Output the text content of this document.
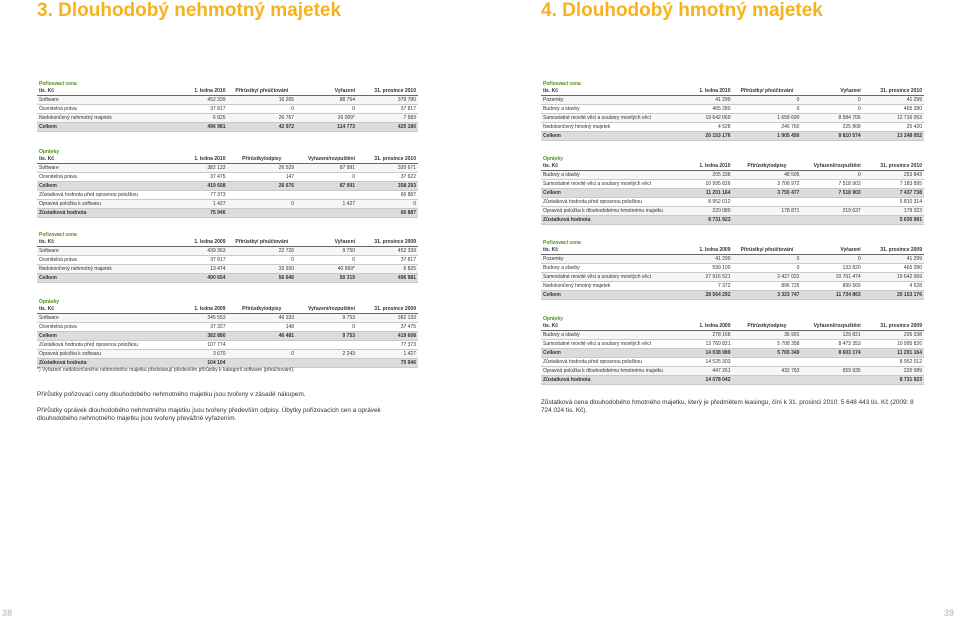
3. Dlouhodobý nehmotný majetek	4. Dlouhodobý hmotný majetek
Pořizovací cena				
tis. Kč	1. ledna 2010	Přírůstky/ přeúčtování	Vyřazení	31. prosince 2010
Software	452 339	16 205	88 764	379 780
Ocenitelná práva	37 817	0	0	37 817
Nedokončený nehmotný majetek	6 825	26 767	26 009*	7 583
Celkem	496 981	42 972	114 773	425 180
Oprávky				
tis. Kč	1. ledna 2010	Přírůstky/odpisy	Vyřazení/rozpuštění	31. prosince 2010
Software	382 133	26 529	87 991	320 671
Ocenitelná práva	37 475	147	0	37 622
Celkem	419 608	26 676	87 991	358 293
Zůstatková hodnota před opravnou položkou	77 373			66 887
Opravná položka k softwaru	1 427	0	1 427	0
Zůstatková hodnota	75 946			66 887
Pořizovací cena				
tis. Kč	1. ledna 2009	Přírůstky/ přeúčtování	Vyřazení	31. prosince 2009
Software	439 363	22 726	9 750	452 339
Ocenitelná práva	37 817	0	0	37 817
Nedokončený nehmotný majetek	13 474	33 920	40 569*	6 825
Celkem	490 654	56 646	50 319	496 981
Oprávky				
tis. Kč	1. ledna 2009	Přírůstky/odpisy	Vyřazení/rozpuštění	31. prosince 2009
Software	345 553	46 333	9 753	382 133
Ocenitelná práva	37 327	148	0	37 475
Celkem	382 880	46 481	9 753	419 608
Zůstatková hodnota před opravnou položkou	107 774			77 373
Opravná položka k softwaru	3 670	0	2 243	1 427
Zůstatková hodnota	104 104			75 946
*) Vyřazení nedokončeného nehmotného majetku představují především přírůstky k kategorii software (přeúčtování).
Přírůstky pořizovací ceny dlouhodobého nehmotného majetku jsou tvořeny v zásadě nákupem.
Přírůstky oprávek dlouhodobého nehmotného majetku jsou tvořeny především odpisy. Úbytky pořizovacích cen a oprávek dlouhodobého nehmotného majetku jsou tvořeny převážně vyřazením.
Pořizovací cena				
tis. Kč	1. ledna 2010	Přírůstky/ přeúčtování	Vyřazení	31. prosince 2010
Pozemky	41 299	0	0	41 299
Budovy a stavby	465 280	0	0	465 280
Samostatné movité věci a soubory movitých věcí	19 642 069	1 658 690	8 584 706	12 716 053
Nedokončený hmotný majetek	4 528	246 760	225 868	25 420
Celkem	20 153 176	1 905 450	8 810 574	13 248 052
Oprávky				
tis. Kč	1. ledna 2010	Přírůstky/odpisy	Vyřazení/rozpuštění	31. prosince 2010
Budovy a stavby	205 338	48 505	0	253 843
Samostatné movité věci a soubory movitých věcí	10 995 826	3 706 972	7 518 903	7 183 895
Celkem	11 201 164	3 755 477	7 518 903	7 437 738
Zůstatková hodnota před opravnou položkou	8 952 012			5 810 314
Opravná položka k dlouhodobému hmotnému majetku	220 089	178 871	219 637	179 323
Zůstatková hodnota	8 731 923			5 630 991
Pořizovací cena				
tis. Kč	1. ledna 2009	Přírůstky/ přeúčtování	Vyřazení	31. prosince 2009
Pozemky	41 299	0	0	41 299
Budovy a stavby	599 100	0	133 820	465 280
Samostatné movité věci a soubory movitých věcí	27 916 521	2 427 022	10 701 474	19 642 069
Nedokončený hmotný majetek	7 372	896 725	899 569	4 528
Celkem	28 564 292	3 323 747	11 734 863	20 153 176
Oprávky				
tis. Kč	1. ledna 2009	Přírůstky/odpisy	Vyřazení/rozpuštění	31. prosince 2009
Budovy a stavby	278 168	36 991	129 821	205 338
Samostatné movité věci a soubory movitých věcí	13 760 821	5 708 358	8 473 353	10 995 826
Celkem	14 038 989	5 765 349	8 603 174	11 201 164
Zůstatková hodnota před opravnou položkou	14 525 303			8 952 012
Opravná položka k dlouhodobému hmotnému majetku	447 261	432 763	659 935	220 089
Zůstatková hodnota	14 078 042			8 731 923
Zůstatková cena dlouhodobého hmotného majetku, který je předmětem leasingu, činí k 31. prosinci 2010: 5 648 443 tis. Kč (2009: 8 724 024 tis. Kč).
38	39
